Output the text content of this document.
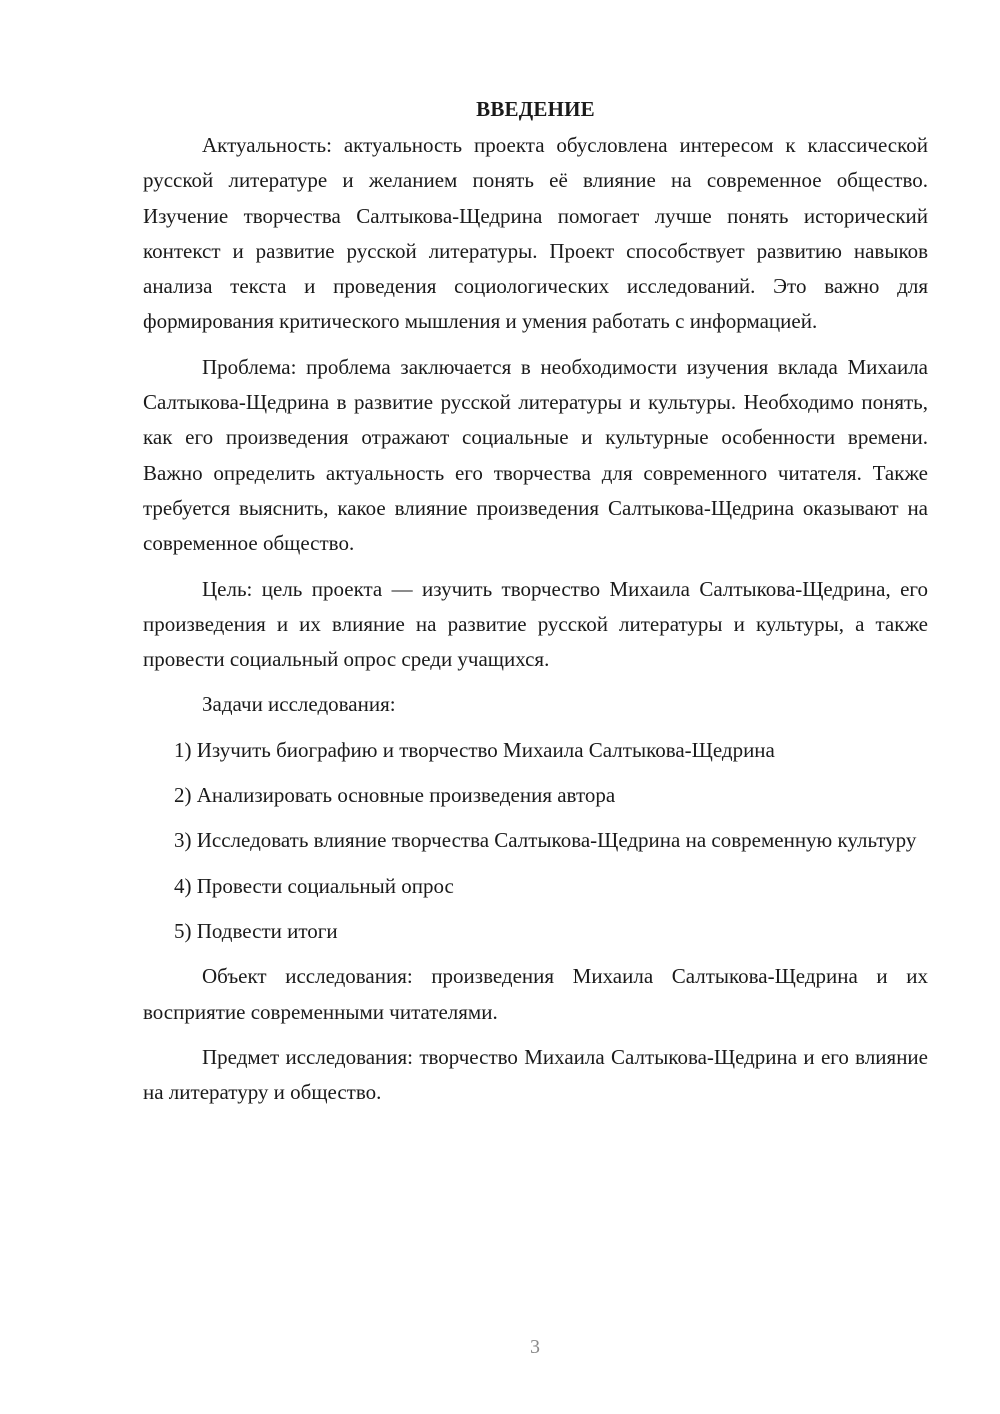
ВВЕДЕНИЕ

Актуальность: актуальность проекта обусловлена интересом к классической русской литературе и желанием понять её влияние на современное общество. Изучение творчества Салтыкова-Щедрина помогает лучше понять исторический контекст и развитие русской литературы. Проект способствует развитию навыков анализа текста и проведения социологических исследований. Это важно для формирования критического мышления и умения работать с информацией.

Проблема: проблема заключается в необходимости изучения вклада Михаила Салтыкова-Щедрина в развитие русской литературы и культуры. Необходимо понять, как его произведения отражают социальные и культурные особенности времени. Важно определить актуальность его творчества для современного читателя. Также требуется выяснить, какое влияние произведения Салтыкова-Щедрина оказывают на современное общество.

Цель: цель проекта — изучить творчество Михаила Салтыкова-Щедрина, его произведения и их влияние на развитие русской литературы и культуры, а также провести социальный опрос среди учащихся.

Задачи исследования:

1) Изучить биографию и творчество Михаила Салтыкова-Щедрина

2) Анализировать основные произведения автора

3) Исследовать влияние творчества Салтыкова-Щедрина на современную культуру

4) Провести социальный опрос

5) Подвести итоги

Объект исследования: произведения Михаила Салтыкова-Щедрина и их восприятие современными читателями.

Предмет исследования: творчество Михаила Салтыкова-Щедрина и его влияние на литературу и общество.

3
